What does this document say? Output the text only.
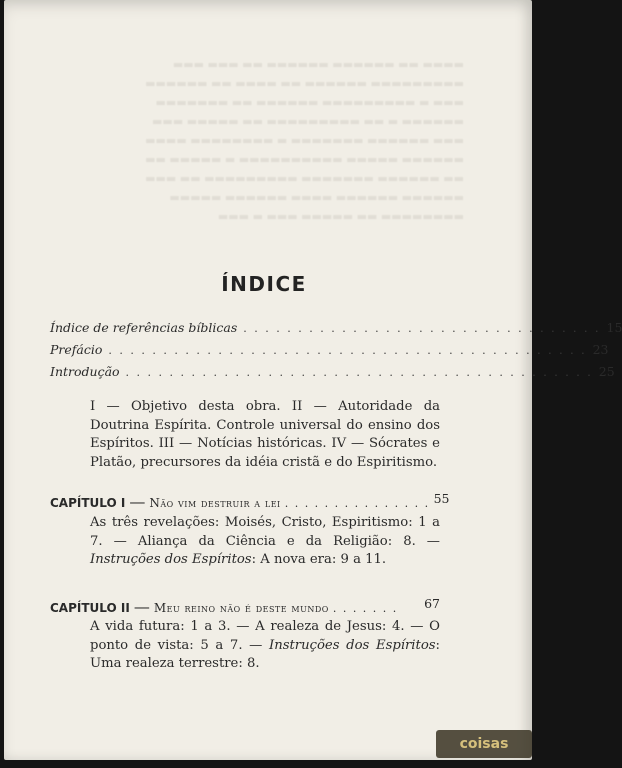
▬▬▬▬ ▬▬ ▬▬▬▬▬▬ ▬▬▬▬▬▬ ▬▬ ▬▬▬ ▬▬▬
▬▬▬▬▬▬▬▬▬ ▬▬▬▬▬▬ ▬▬ ▬▬▬▬ ▬▬ ▬▬▬▬▬▬
▬▬▬ ▬ ▬▬▬▬▬▬▬▬▬ ▬▬▬▬▬▬ ▬▬ ▬▬▬▬▬▬▬
▬▬▬▬▬▬ ▬ ▬▬ ▬▬▬▬▬▬▬▬▬ ▬▬ ▬▬▬▬▬ ▬▬▬
▬▬▬ ▬▬▬▬▬▬ ▬▬▬▬▬▬▬ ▬ ▬▬▬▬▬▬▬▬ ▬▬▬▬
▬▬▬▬▬▬ ▬▬▬▬▬ ▬▬▬▬▬▬▬▬▬▬ ▬ ▬▬▬▬▬ ▬▬
▬▬ ▬▬▬▬▬▬ ▬▬▬▬▬▬▬ ▬▬▬▬▬▬▬▬▬ ▬▬ ▬▬▬
▬▬▬▬▬▬ ▬▬▬▬▬▬ ▬▬▬▬ ▬▬▬▬▬▬ ▬▬▬▬▬
▬▬▬▬▬▬▬▬ ▬▬ ▬▬▬▬▬ ▬▬▬ ▬ ▬▬▬
ÍNDICE
Índice de referências bíblicas . . . . . . . . . . . . . . . . . . . . . . . . . . . . . . . . . 15
Prefácio . . . . . . . . . . . . . . . . . . . . . . . . . . . . . . . . . . . . . . . . . . . . 23
Introdução . . . . . . . . . . . . . . . . . . . . . . . . . . . . . . . . . . . . . . . . . . . 25
I — Objetivo desta obra. II — Autoridade da Doutrina Espírita. Controle universal do ensino dos Espíritos. III — Notícias históricas. IV — Sócrates e Platão, precursores da idéia cristã e do Espiritismo.
CAPÍTULO I — Não vim destruir a lei . . . . . . . . . . . . . . . 55
As três revelações: Moisés, Cristo, Espiritismo: 1 a 7. — Aliança da Ciência e da Religião: 8. — Instruções dos Espíritos: A nova era: 9 a 11.
CAPÍTULO II — Meu reino não é deste mundo . . . . . . .	67
A vida futura: 1 a 3. — A realeza de Jesus: 4. — O ponto de vista: 5 a 7. — Instruções dos Espíritos: Uma realeza terrestre: 8.
coisas
